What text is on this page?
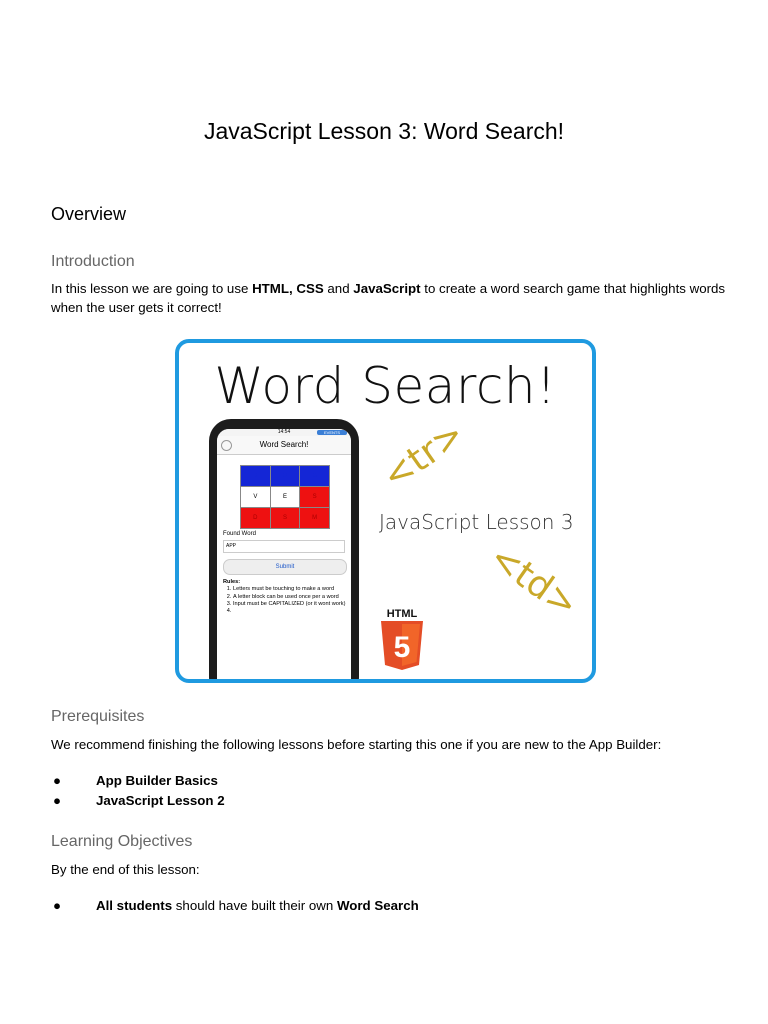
JavaScript Lesson 3: Word Search!
Overview
Introduction
In this lesson we are going to use HTML, CSS and JavaScript to create a word search game that highlights words when the user gets it correct!
Word Search!
14:54	EVENTS
Word Search!
D	O	G
V	E	S
D	S	M
Found Word
APP
Submit
Rules:
1. Letters must be touching to make a word
2. A letter block can be used once per a word
3. Input must be CAPITALIZED (or it wont work)
4.
<tr>
JavaScript Lesson 3
<td>
HTML
5
Prerequisites
We recommend finishing the following lessons before starting this one if you are new to the App Builder:
●	App Builder Basics
●	JavaScript Lesson 2
Learning Objectives
By the end of this lesson:
●	All students should have built their own Word Search
